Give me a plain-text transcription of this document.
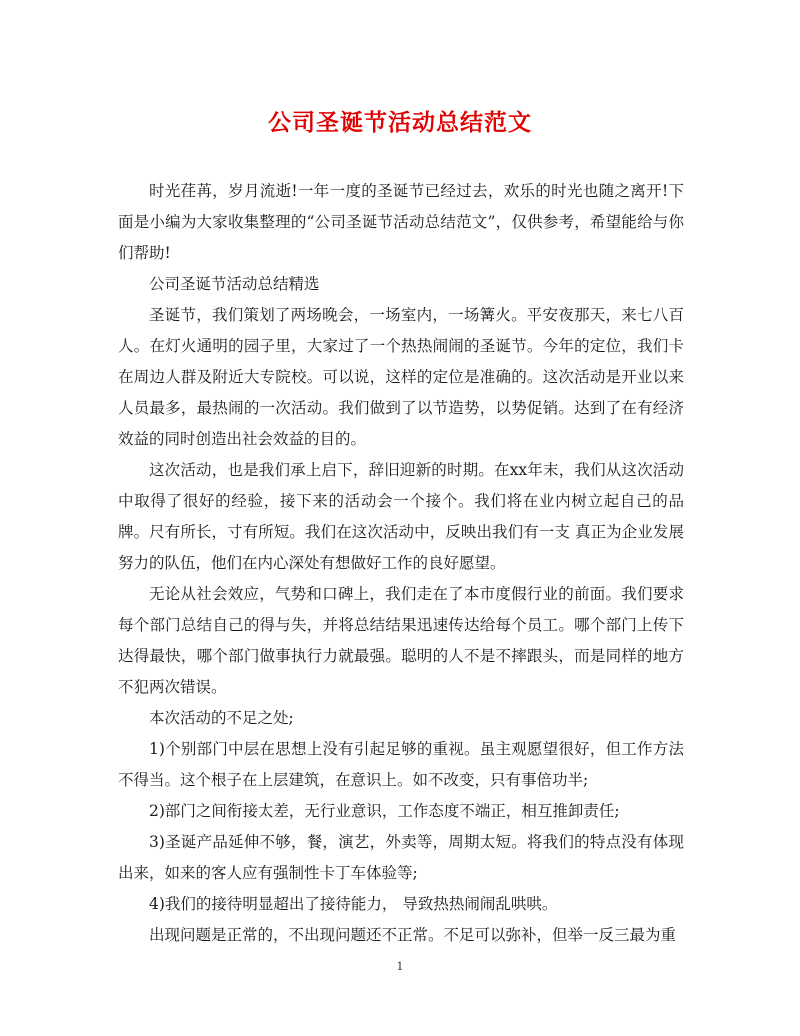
公司圣诞节活动总结范文

时光荏苒，岁月流逝!一年一度的圣诞节已经过去，欢乐的时光也随之离开!下面是小编为大家收集整理的“公司圣诞节活动总结范文”，仅供参考，希望能给与你们帮助!

公司圣诞节活动总结精选

圣诞节，我们策划了两场晚会，一场室内，一场篝火。平安夜那天，来七八百人。在灯火通明的园子里，大家过了一个热热闹闹的圣诞节。今年的定位，我们卡在周边人群及附近大专院校。可以说，这样的定位是准确的。这次活动是开业以来人员最多，最热闹的一次活动。我们做到了以节造势，以势促销。达到了在有经济效益的同时创造出社会效益的目的。

这次活动，也是我们承上启下，辞旧迎新的时期。在xx年末，我们从这次活动中取得了很好的经验，接下来的活动会一个接个。我们将在业内树立起自己的品牌。尺有所长，寸有所短。我们在这次活动中，反映出我们有一支 真正为企业发展努力的队伍，他们在内心深处有想做好工作的良好愿望。

无论从社会效应，气势和口碑上，我们走在了本市度假行业的前面。我们要求每个部门总结自己的得与失，并将总结结果迅速传达给每个员工。哪个部门上传下达得最快，哪个部门做事执行力就最强。聪明的人不是不摔跟头，而是同样的地方不犯两次错误。

本次活动的不足之处;

1)个别部门中层在思想上没有引起足够的重视。虽主观愿望很好，但工作方法不得当。这个根子在上层建筑，在意识上。如不改变，只有事倍功半;

2)部门之间衔接太差，无行业意识，工作态度不端正，相互推卸责任;

3)圣诞产品延伸不够，餐，演艺，外卖等，周期太短。将我们的特点没有体现出来，如来的客人应有强制性卡丁车体验等;

4)我们的接待明显超出了接待能力， 导致热热闹闹乱哄哄。

出现问题是正常的，不出现问题还不正常。不足可以弥补，但举一反三最为重

1
